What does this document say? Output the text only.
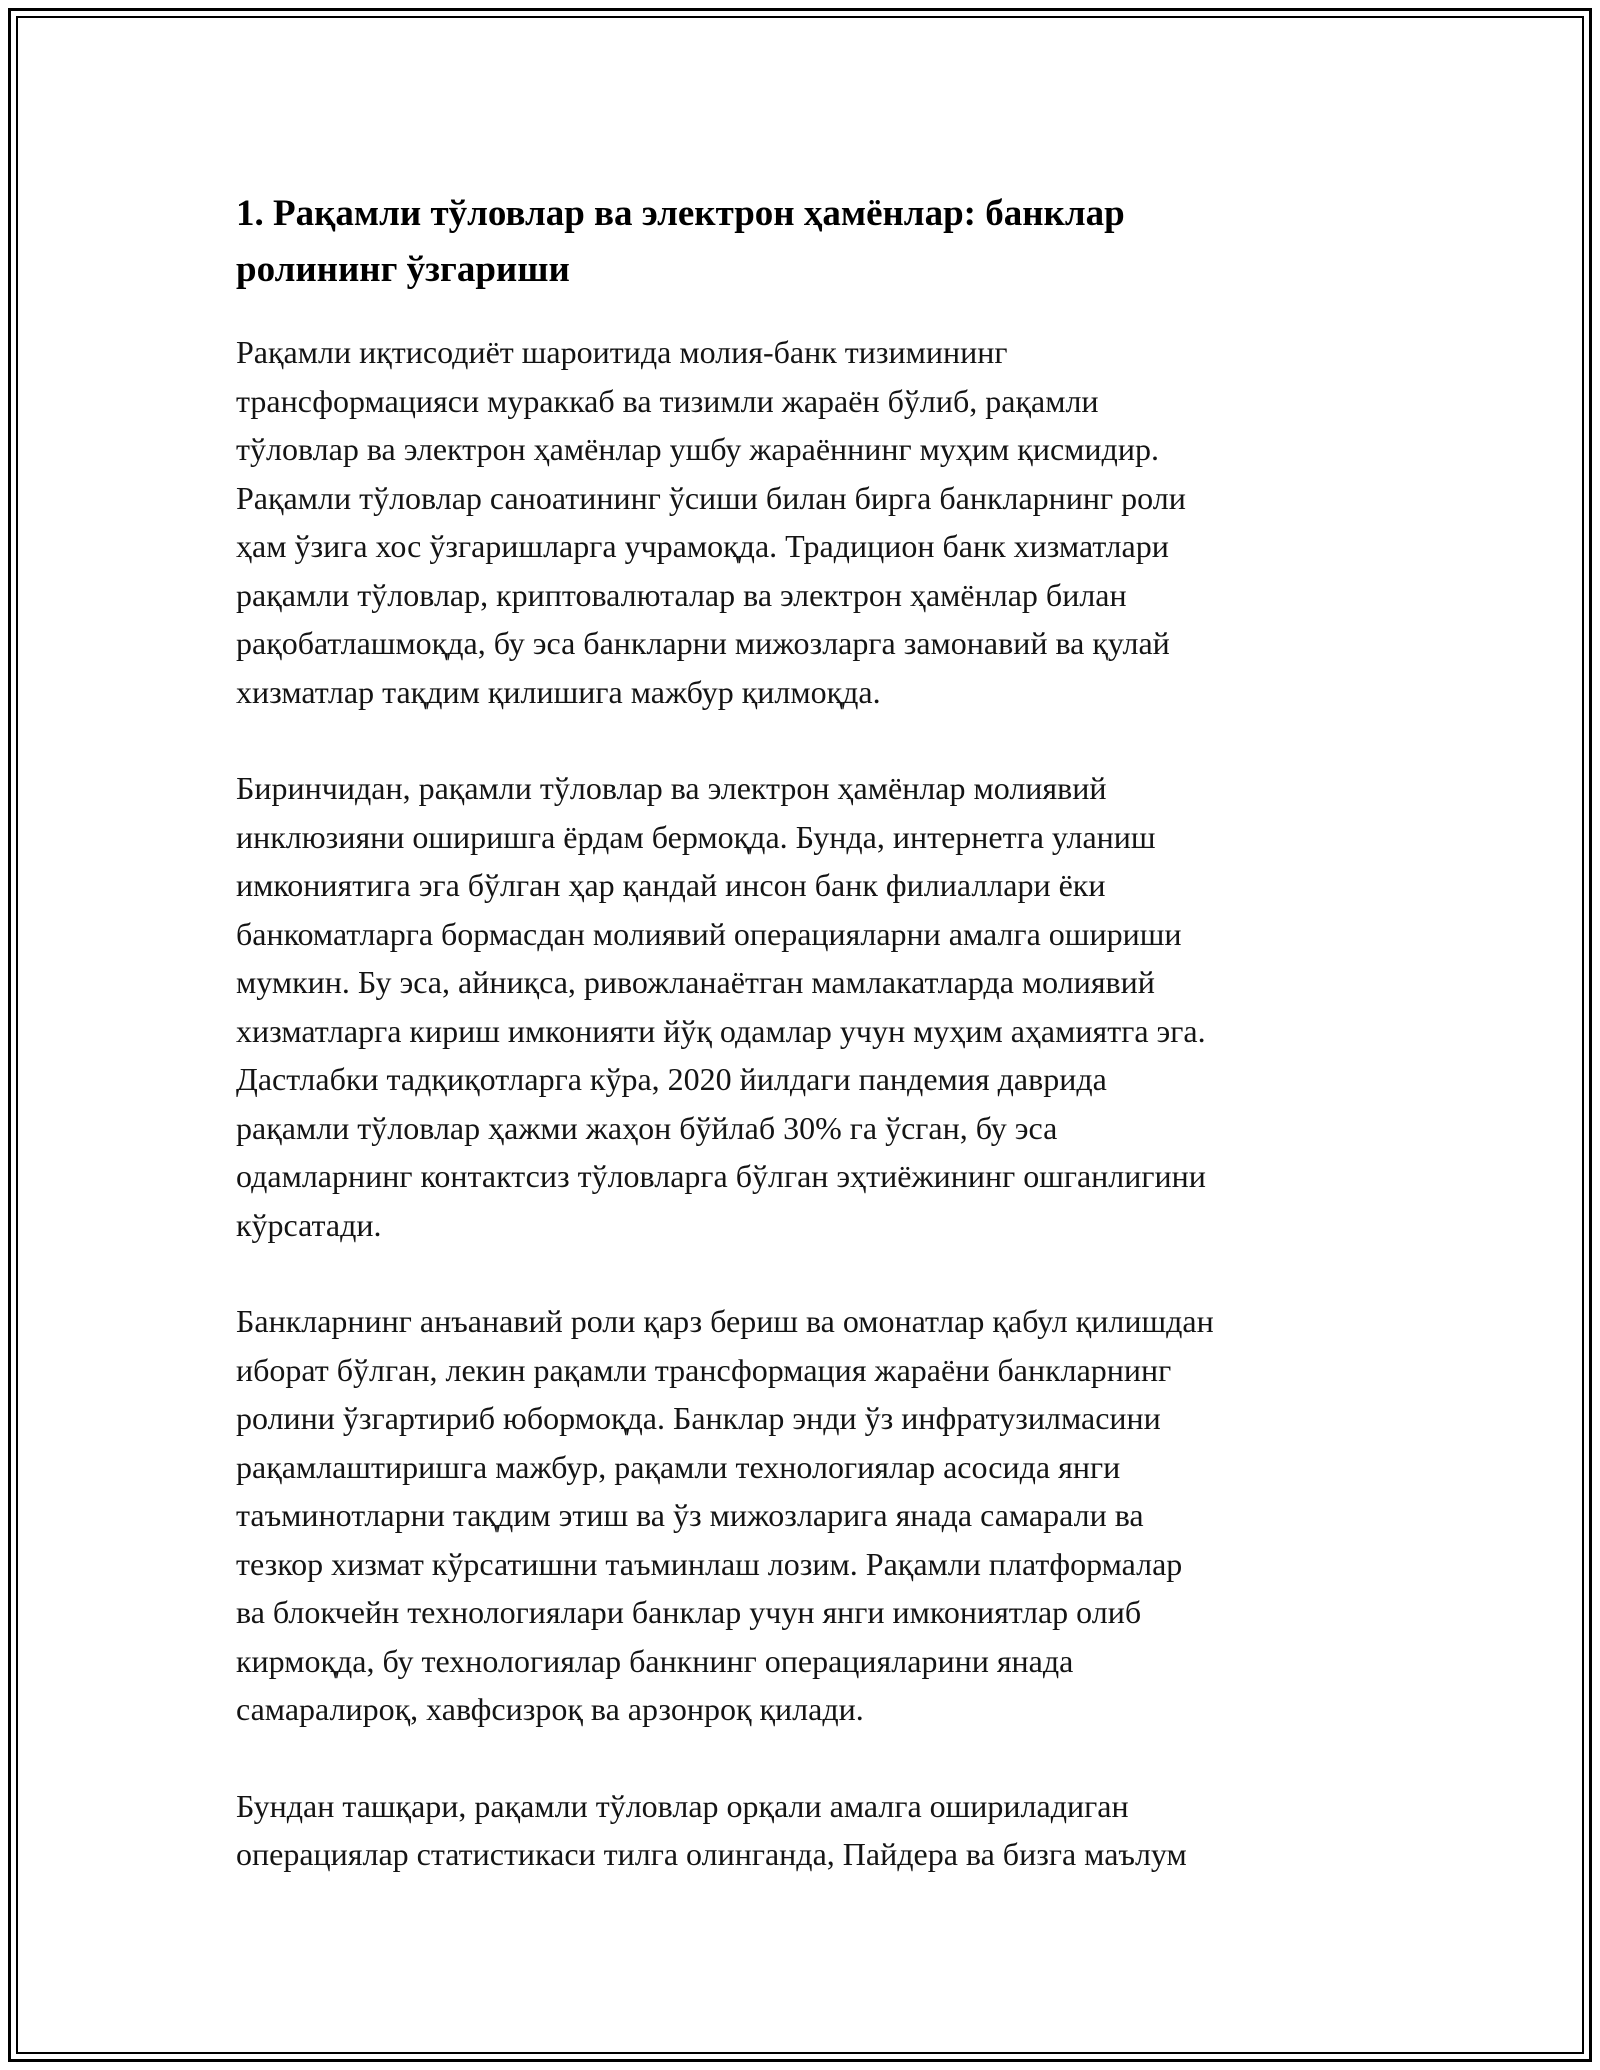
1. Рақамли тўловлар ва электрон ҳамёнлар: банклар
ролининг ўзгариши

Рақамли иқтисодиёт шароитида молия-банк тизимининг
трансформацияси мураккаб ва тизимли жараён бўлиб, рақамли
тўловлар ва электрон ҳамёнлар ушбу жараённинг муҳим қисмидир.
Рақамли тўловлар саноатининг ўсиши билан бирга банкларнинг роли
ҳам ўзига хос ўзгаришларга учрамоқда. Традицион банк хизматлари
рақамли тўловлар, криптовалюталар ва электрон ҳамёнлар билан
рақобатлашмоқда, бу эса банкларни мижозларга замонавий ва қулай
хизматлар тақдим қилишига мажбур қилмоқда.

Биринчидан, рақамли тўловлар ва электрон ҳамёнлар молиявий
инклюзияни оширишга ёрдам бермоқда. Бунда, интернетга уланиш
имкониятига эга бўлган ҳар қандай инсон банк филиаллари ёки
банкоматларга бормасдан молиявий операцияларни амалга ошириши
мумкин. Бу эса, айниқса, ривожланаётган мамлакатларда молиявий
хизматларга кириш имконияти йўқ одамлар учун муҳим аҳамиятга эга.
Дастлабки тадқиқотларга кўра, 2020 йилдаги пандемия даврида
рақамли тўловлар ҳажми жаҳон бўйлаб 30% га ўсган, бу эса
одамларнинг контактсиз тўловларга бўлган эҳтиёжининг ошганлигини
кўрсатади.

Банкларнинг анъанавий роли қарз бериш ва омонатлар қабул қилишдан
иборат бўлган, лекин рақамли трансформация жараёни банкларнинг
ролини ўзгартириб юбормоқда. Банклар энди ўз инфратузилмасини
рақамлаштиришга мажбур, рақамли технологиялар асосида янги
таъминотларни тақдим этиш ва ўз мижозларига янада самарали ва
тезкор хизмат кўрсатишни таъминлаш лозим. Рақамли платформалар
ва блокчейн технологиялари банклар учун янги имкониятлар олиб
кирмоқда, бу технологиялар банкнинг операцияларини янада
самаралироқ, хавфсизроқ ва арзонроқ қилади.

Бундан ташқари, рақамли тўловлар орқали амалга ошириладиган
операциялар статистикаси тилга олинганда, Пайдера ва бизга маълум
